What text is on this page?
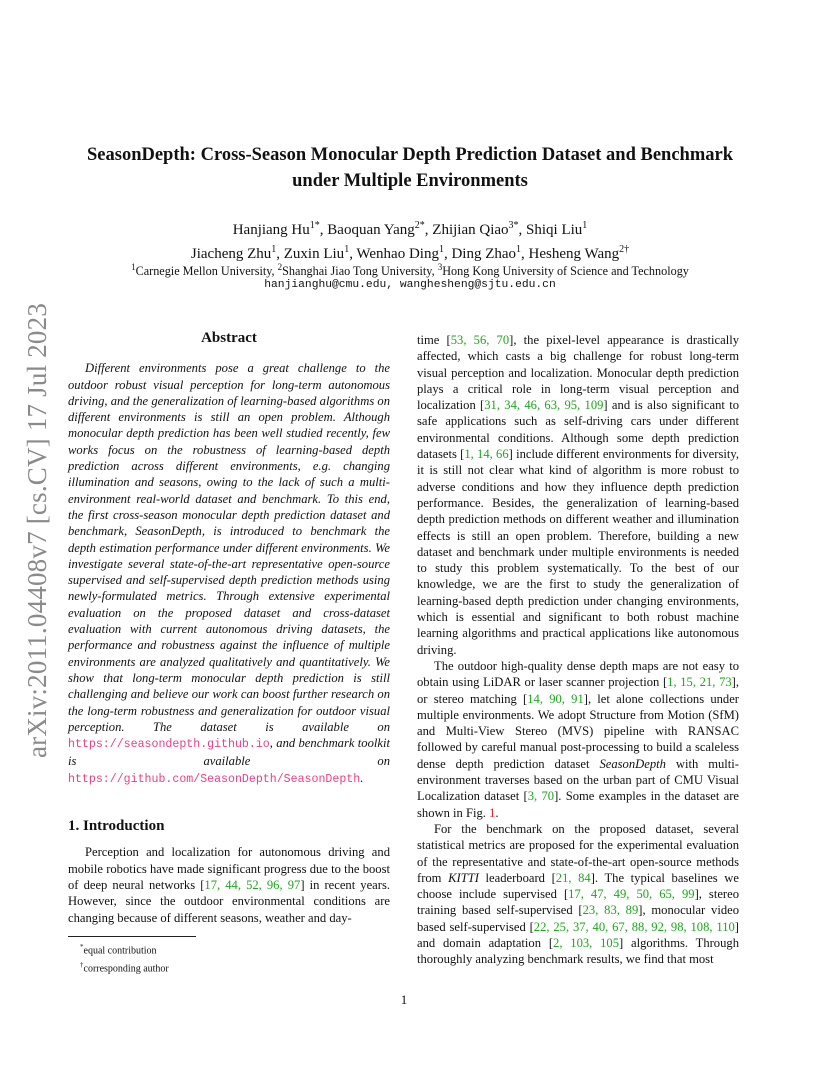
arXiv:2011.04408v7 [cs.CV] 17 Jul 2023
SeasonDepth: Cross-Season Monocular Depth Prediction Dataset and Benchmark
under Multiple Environments
Hanjiang $Hu^{1*}$, Baoquan Yang$^{2*}$, Zhijian Qiao$^{3*}$, Shiqi Liu$^1$
Jiacheng Zhu$^1$, Zuxin Liu$^1$, Wenhao Ding$^1$, Ding Zhao$^1$, Hesheng Wang$^{2\dagger}$
$^1$Carnegie Mellon University, $^2$Shanghai Jiao Tong University, $^3$Hong Kong University of Science and Technology
hanjianghu@cmu.edu, wanghesheng@sjtu.edu.cn
Abstract

Different environments pose a great challenge to the outdoor robust visual perception for long-term autonomous driving, and the generalization of learning-based algorithms on different environments is still an open problem. Although monocular depth prediction has been well studied recently, few works focus on the robustness of learning-based depth prediction across different environments, e.g. changing illumination and seasons, owing to the lack of such a multi-environment real-world dataset and benchmark. To this end, the first cross-season monocular depth prediction dataset and benchmark, SeasonDepth, is introduced to benchmark the depth estimation performance under different environments. We investigate several state-of-the-art representative open-source supervised and self-supervised depth prediction methods using newly-formulated metrics. Through extensive experimental evaluation on the proposed dataset and cross-dataset evaluation with current autonomous driving datasets, the performance and robustness against the influence of multiple environments are analyzed qualitatively and quantitatively. We show that long-term monocular depth prediction is still challenging and believe our work can boost further research on the long-term robustness and generalization for outdoor visual perception. The dataset is available on https://seasondepth.github.io, and benchmark toolkit is available on https://github.com/SeasonDepth/SeasonDepth.

1. Introduction

Perception and localization for autonomous driving and mobile robotics have made significant progress due to the boost of deep neural networks [17, 44, 52, 96, 97] in recent years. However, since the outdoor environmental conditions are changing because of different seasons, weather and day-

time [53, 56, 70], the pixel-level appearance is drastically affected, which casts a big challenge for robust long-term visual perception and localization. Monocular depth prediction plays a critical role in long-term visual perception and localization [31, 34, 46, 63, 95, 109] and is also significant to safe applications such as self-driving cars under different environmental conditions. Although some depth prediction datasets [1, 14, 66] include different environments for diversity, it is still not clear what kind of algorithm is more robust to adverse conditions and how they influence depth prediction performance. Besides, the generalization of learning-based depth prediction methods on different weather and illumination effects is still an open problem. Therefore, building a new dataset and benchmark under multiple environments is needed to study this problem systematically. To the best of our knowledge, we are the first to study the generalization of learning-based depth prediction under changing environments, which is essential and significant to both robust machine learning algorithms and practical applications like autonomous driving.

The outdoor high-quality dense depth maps are not easy to obtain using LiDAR or laser scanner projection [1, 15, 21, 73], or stereo matching [14, 90, 91], let alone collections under multiple environments. We adopt Structure from Motion (SfM) and Multi-View Stereo (MVS) pipeline with RANSAC followed by careful manual post-processing to build a scaleless dense depth prediction dataset SeasonDepth with multi-environment traverses based on the urban part of CMU Visual Localization dataset [3, 70]. Some examples in the dataset are shown in Fig. 1.

For the benchmark on the proposed dataset, several statistical metrics are proposed for the experimental evaluation of the representative and state-of-the-art open-source methods from KITTI leaderboard [21, 84]. The typical baselines we choose include supervised [17, 47, 49, 50, 65, 99], stereo training based self-supervised [23, 83, 89], monocular video based self-supervised [22, 25, 37, 40, 67, 88, 92, 98, 108, 110] and domain adaptation [2, 103, 105] algorithms. Through thoroughly analyzing benchmark results, we find that most

*equal contribution
†corresponding author
1
